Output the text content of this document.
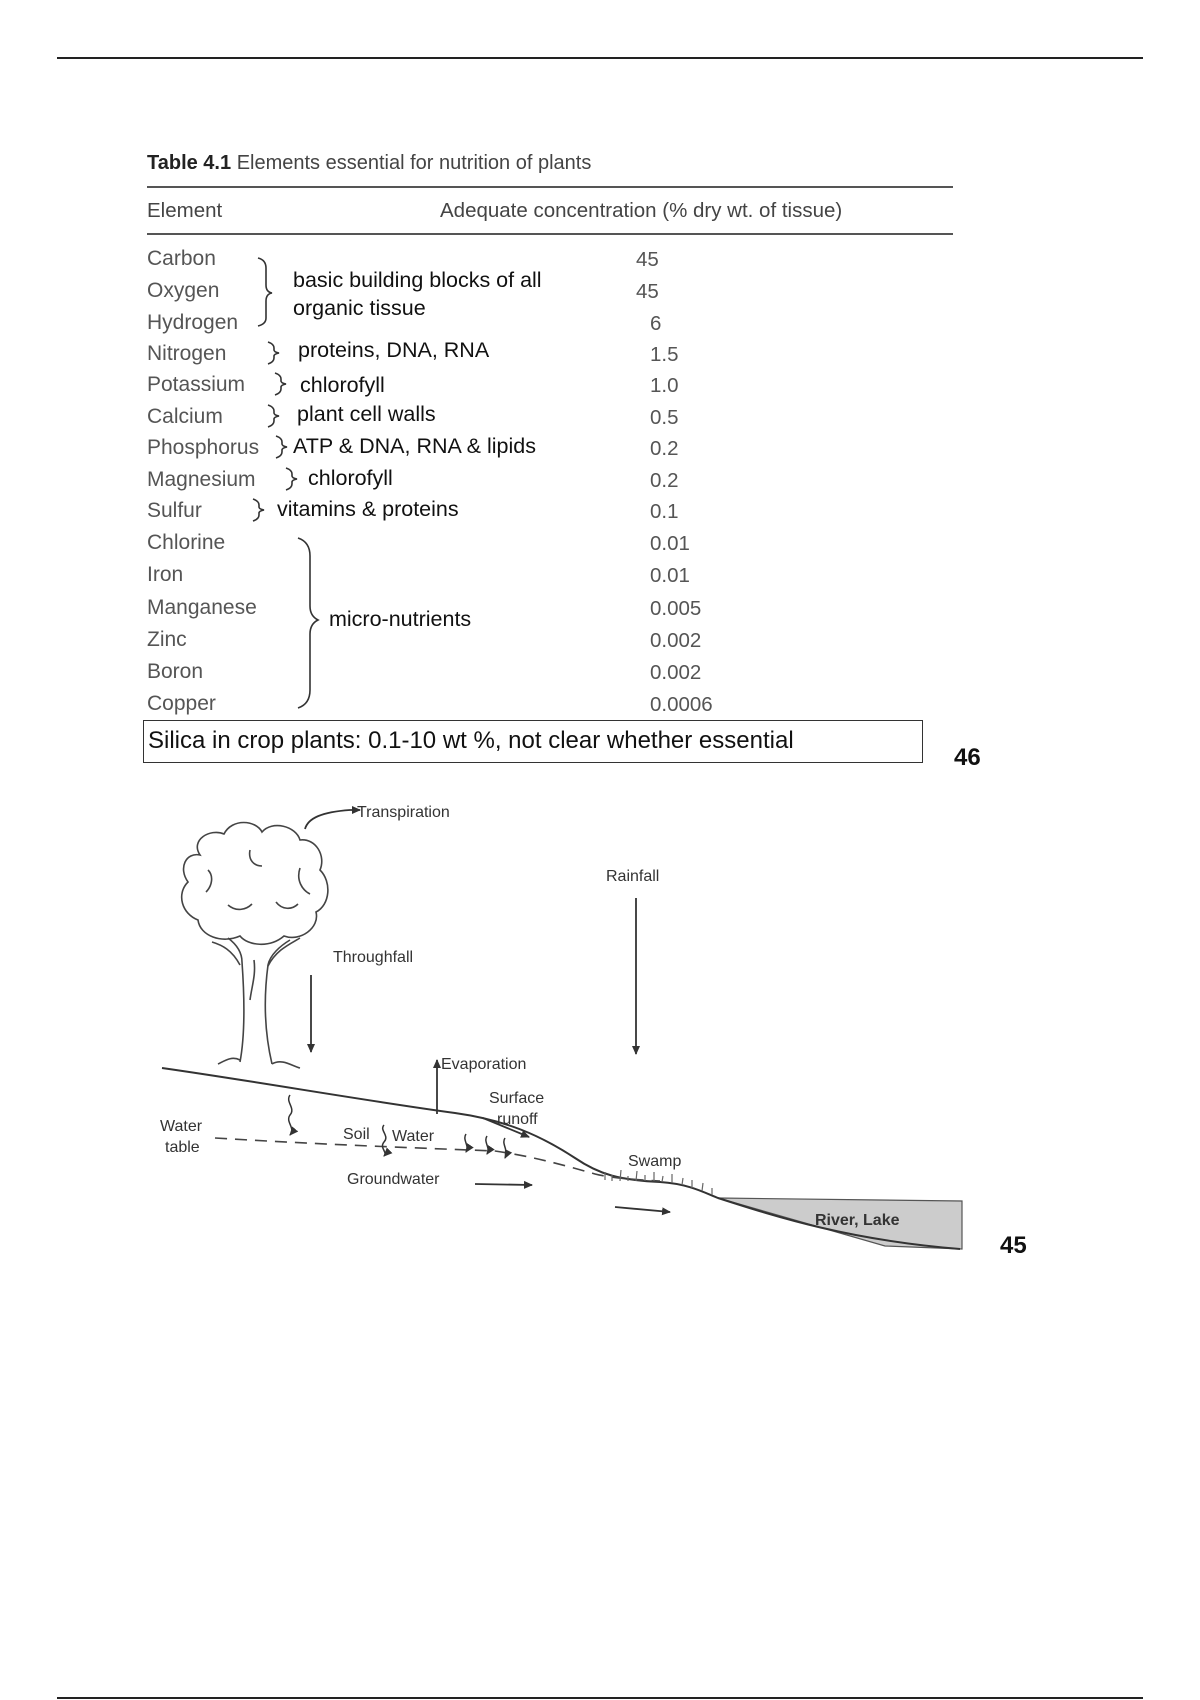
Table 4.1 Elements essential for nutrition of plants
Element	Adequate concentration (% dry wt. of tissue)
Carbon
Oxygen
Hydrogen
Nitrogen
Potassium
Calcium
Phosphorus
Magnesium
Sulfur
Chlorine
Iron
Manganese
Zinc
Boron
Copper
45
45
6
1.5
1.0
0.5
0.2
0.2
0.1
0.01
0.01
0.005
0.002
0.002
0.0006
basic building blocks of all
organic tissue
proteins, DNA, RNA
chlorofyll
plant cell walls
ATP & DNA, RNA & lipids
chlorofyll
vitamins & proteins
micro-nutrients
Silica in crop plants: 0.1-10 wt %, not clear whether essential
46
Transpiration
Rainfall
Throughfall
Evaporation
Surface
runoff
Water
table
Soil Water
Groundwater
Swamp
River, Lake
45
